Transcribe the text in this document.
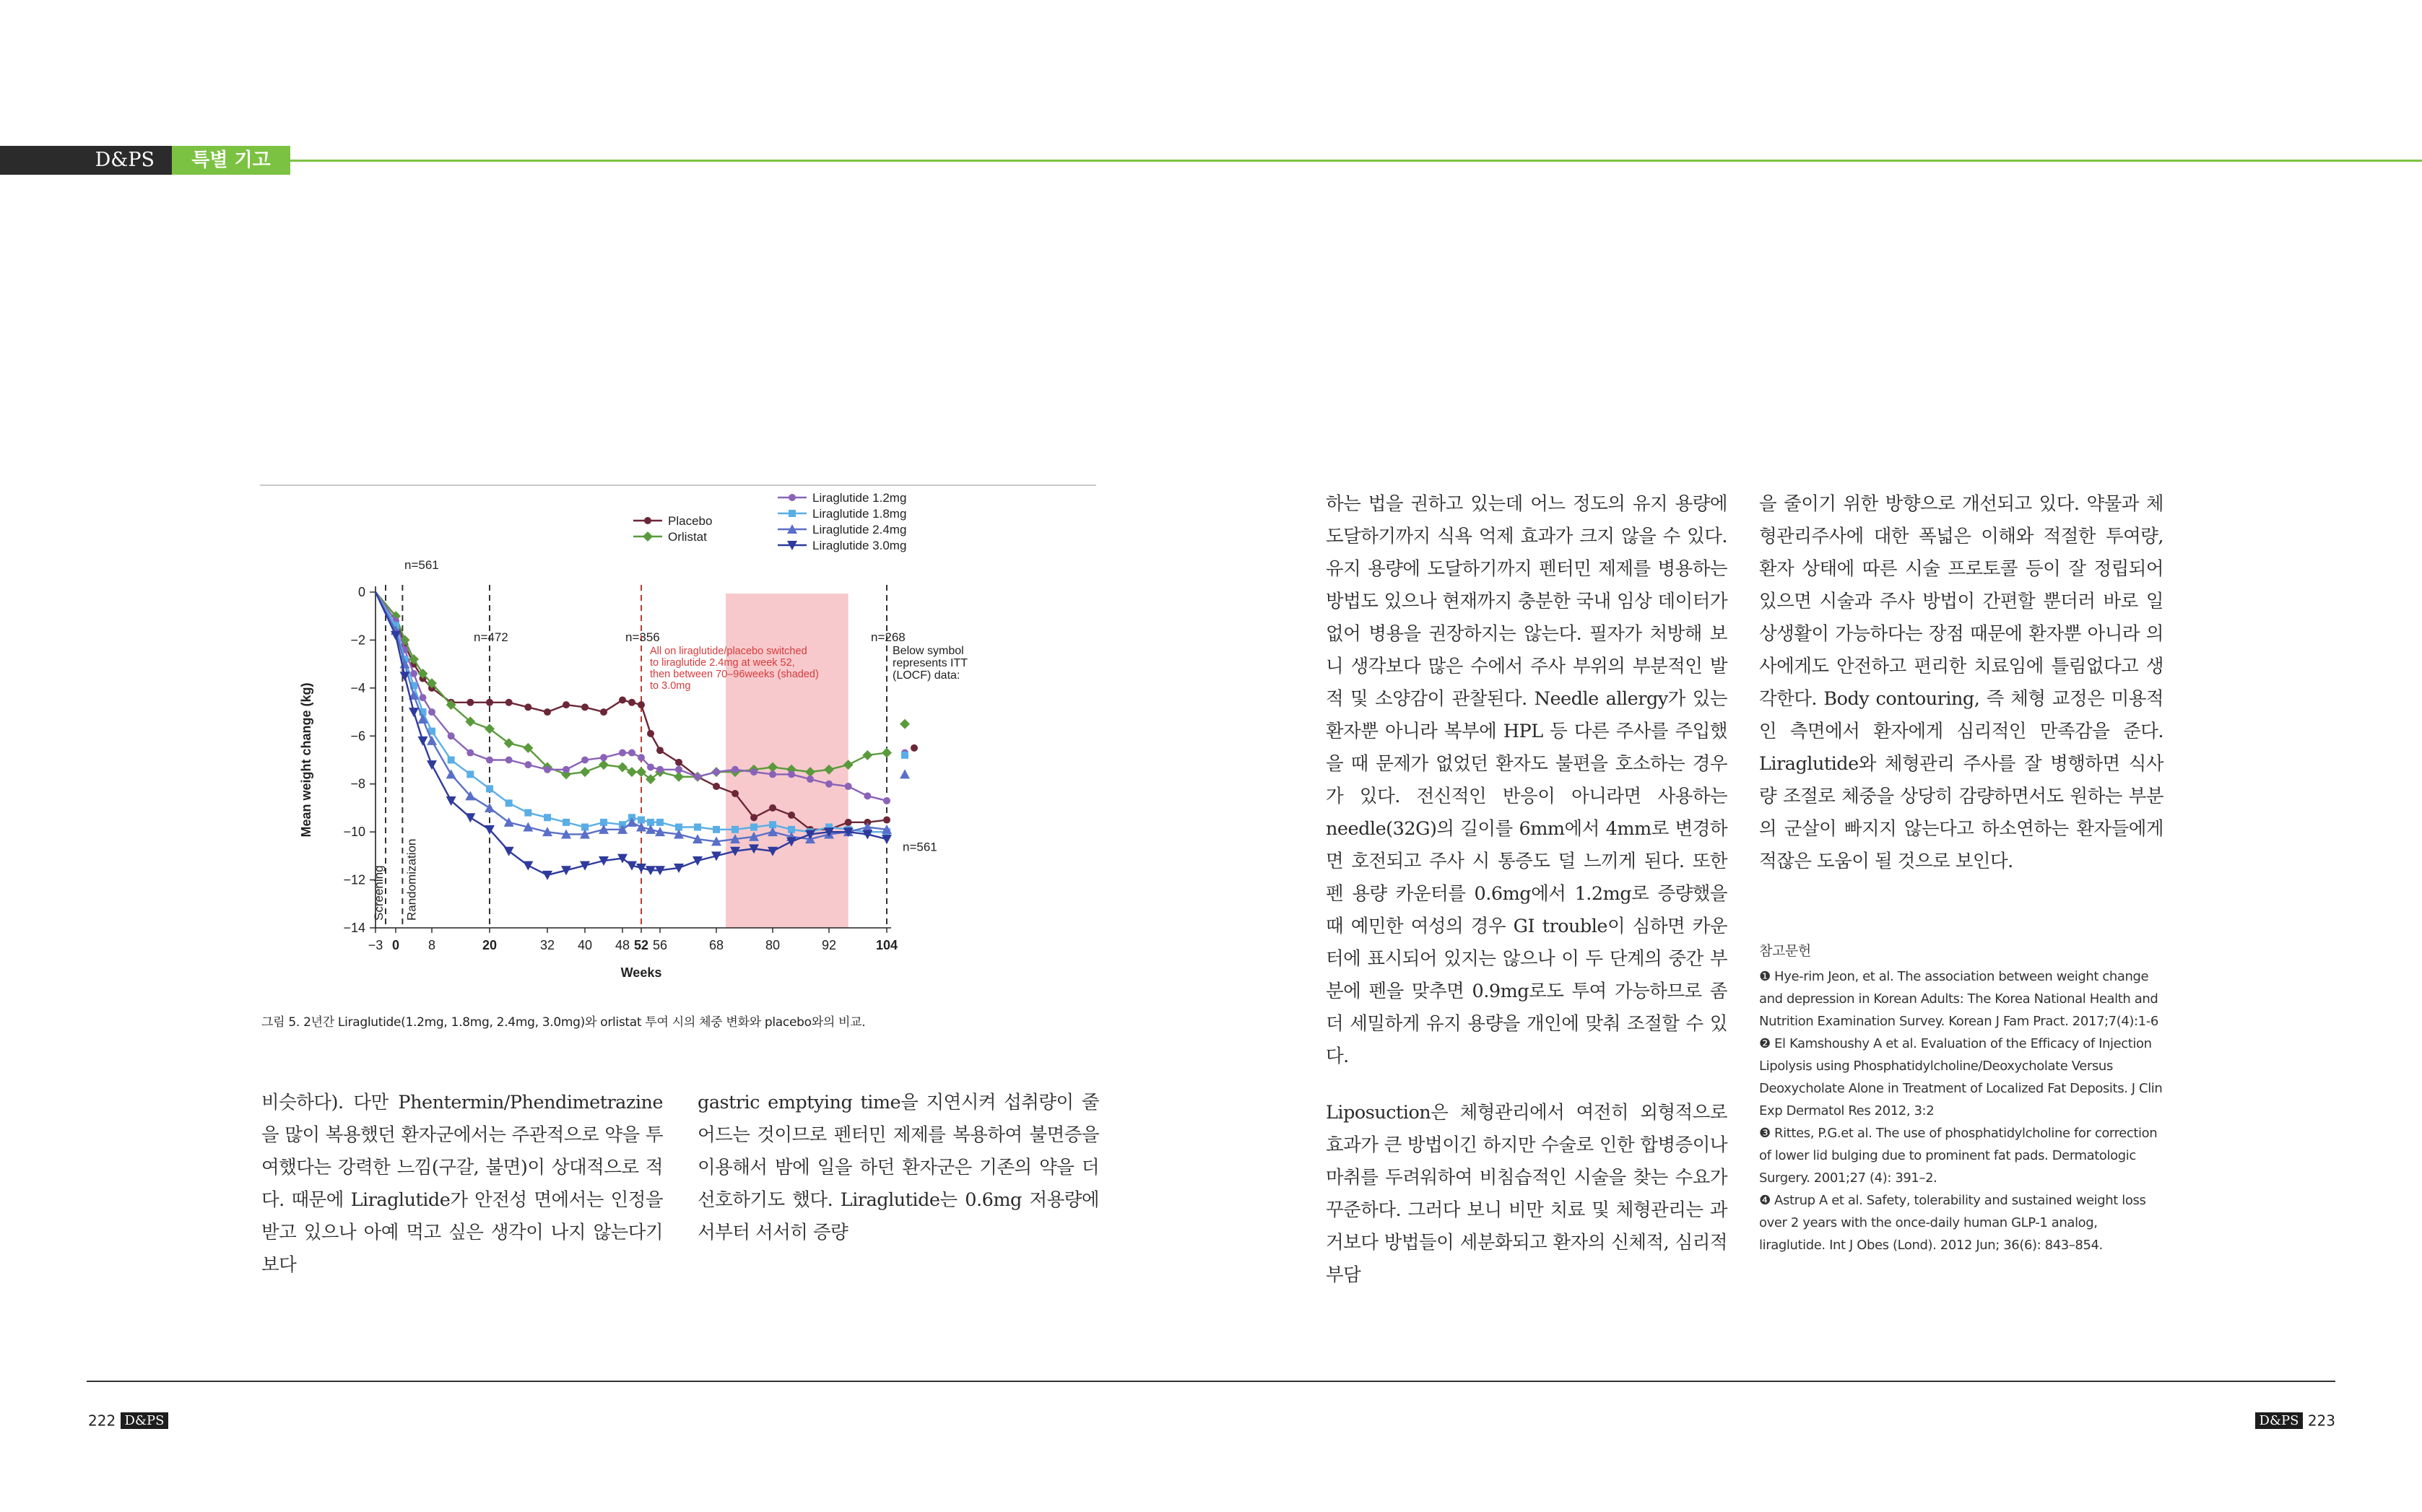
D&PS	특별 기고
0
−2
−4
−6
−8
−10
−12
−14
−3 0 8	20	32 40 48 52 56	68	80	92	104
Weeks
Mean weight change (kg)
Screening Randomization
n=561
n=472	n=356	n=268
n=561
All on liraglutide/placebo switched
to liraglutide 2.4mg at week 52,
then between 70–96weeks (shaded)
to 3.0mg
Below symbol
represents ITT
(LOCF) data:
Placebo
Orlistat
Liraglutide 1.2mg
Liraglutide 1.8mg
Liraglutide 2.4mg
Liraglutide 3.0mg
그림 5. 2년간 Liraglutide(1.2mg, 1.8mg, 2.4mg, 3.0mg)와 orlistat 투여 시의 체중 변화와 placebo와의 비교.

비슷하다). 다만 Phentermin/Phendimetrazine을 많이 복용했던 환자군에서는 주관적으로 약을 투여했다는 강력한 느낌(구갈, 불면)이 상대적으로 적다. 때문에 Liraglutide가 안전성 면에서는 인정을 받고 있으나 아예 먹고 싶은 생각이 나지 않는다기보다

gastric emptying time을 지연시켜 섭취량이 줄어드는 것이므로 펜터민 제제를 복용하여 불면증을 이용해서 밤에 일을 하던 환자군은 기존의 약을 더 선호하기도 했다. Liraglutide는 0.6mg 저용량에서부터 서서히 증량

하는 법을 권하고 있는데 어느 정도의 유지 용량에 도달하기까지 식욕 억제 효과가 크지 않을 수 있다. 유지 용량에 도달하기까지 펜터민 제제를 병용하는 방법도 있으나 현재까지 충분한 국내 임상 데이터가 없어 병용을 권장하지는 않는다. 필자가 처방해 보니 생각보다 많은 수에서 주사 부위의 부분적인 발적 및 소양감이 관찰된다. Needle allergy가 있는 환자뿐 아니라 복부에 HPL 등 다른 주사를 주입했을 때 문제가 없었던 환자도 불편을 호소하는 경우가 있다. 전신적인 반응이 아니라면 사용하는 needle(32G)의 길이를 6mm에서 4mm로 변경하면 호전되고 주사 시 통증도 덜 느끼게 된다. 또한 펜 용량 카운터를 0.6mg에서 1.2mg로 증량했을 때 예민한 여성의 경우 GI trouble이 심하면 카운터에 표시되어 있지는 않으나 이 두 단계의 중간 부분에 펜을 맞추면 0.9mg로도 투여 가능하므로 좀 더 세밀하게 유지 용량을 개인에 맞춰 조절할 수 있다.

Liposuction은 체형관리에서 여전히 외형적으로 효과가 큰 방법이긴 하지만 수술로 인한 합병증이나 마취를 두려워하여 비침습적인 시술을 찾는 수요가 꾸준하다. 그러다 보니 비만 치료 및 체형관리는 과거보다 방법들이 세분화되고 환자의 신체적, 심리적 부담

을 줄이기 위한 방향으로 개선되고 있다. 약물과 체형관리주사에 대한 폭넓은 이해와 적절한 투여량, 환자 상태에 따른 시술 프로토콜 등이 잘 정립되어 있으면 시술과 주사 방법이 간편할 뿐더러 바로 일상생활이 가능하다는 장점 때문에 환자뿐 아니라 의사에게도 안전하고 편리한 치료임에 틀림없다고 생각한다. Body contouring, 즉 체형 교정은 미용적인 측면에서 환자에게 심리적인 만족감을 준다. Liraglutide와 체형관리 주사를 잘 병행하면 식사량 조절로 체중을 상당히 감량하면서도 원하는 부분의 군살이 빠지지 않는다고 하소연하는 환자들에게 적잖은 도움이 될 것으로 보인다.

참고문헌

❶ Hye-rim Jeon, et al. The association between weight change and depression in Korean Adults: The Korea National Health and Nutrition Examination Survey. Korean J Fam Pract. 2017;7(4):1-6

❷ El Kamshoushy A et al. Evaluation of the Efficacy of Injection Lipolysis using Phosphatidylcholine/Deoxycholate Versus Deoxycholate Alone in Treatment of Localized Fat Deposits. J Clin Exp Dermatol Res 2012, 3:2

❸ Rittes, P.G.et al. The use of phosphatidylcholine for correction of lower lid bulging due to prominent fat pads. Dermatologic Surgery. 2001;27 (4): 391–2.

❹ Astrup A et al. Safety, tolerability and sustained weight loss over 2 years with the once-daily human GLP-1 analog, liraglutide. Int J Obes (Lond). 2012 Jun; 36(6): 843–854.

222 D&PS	D&PS 223
